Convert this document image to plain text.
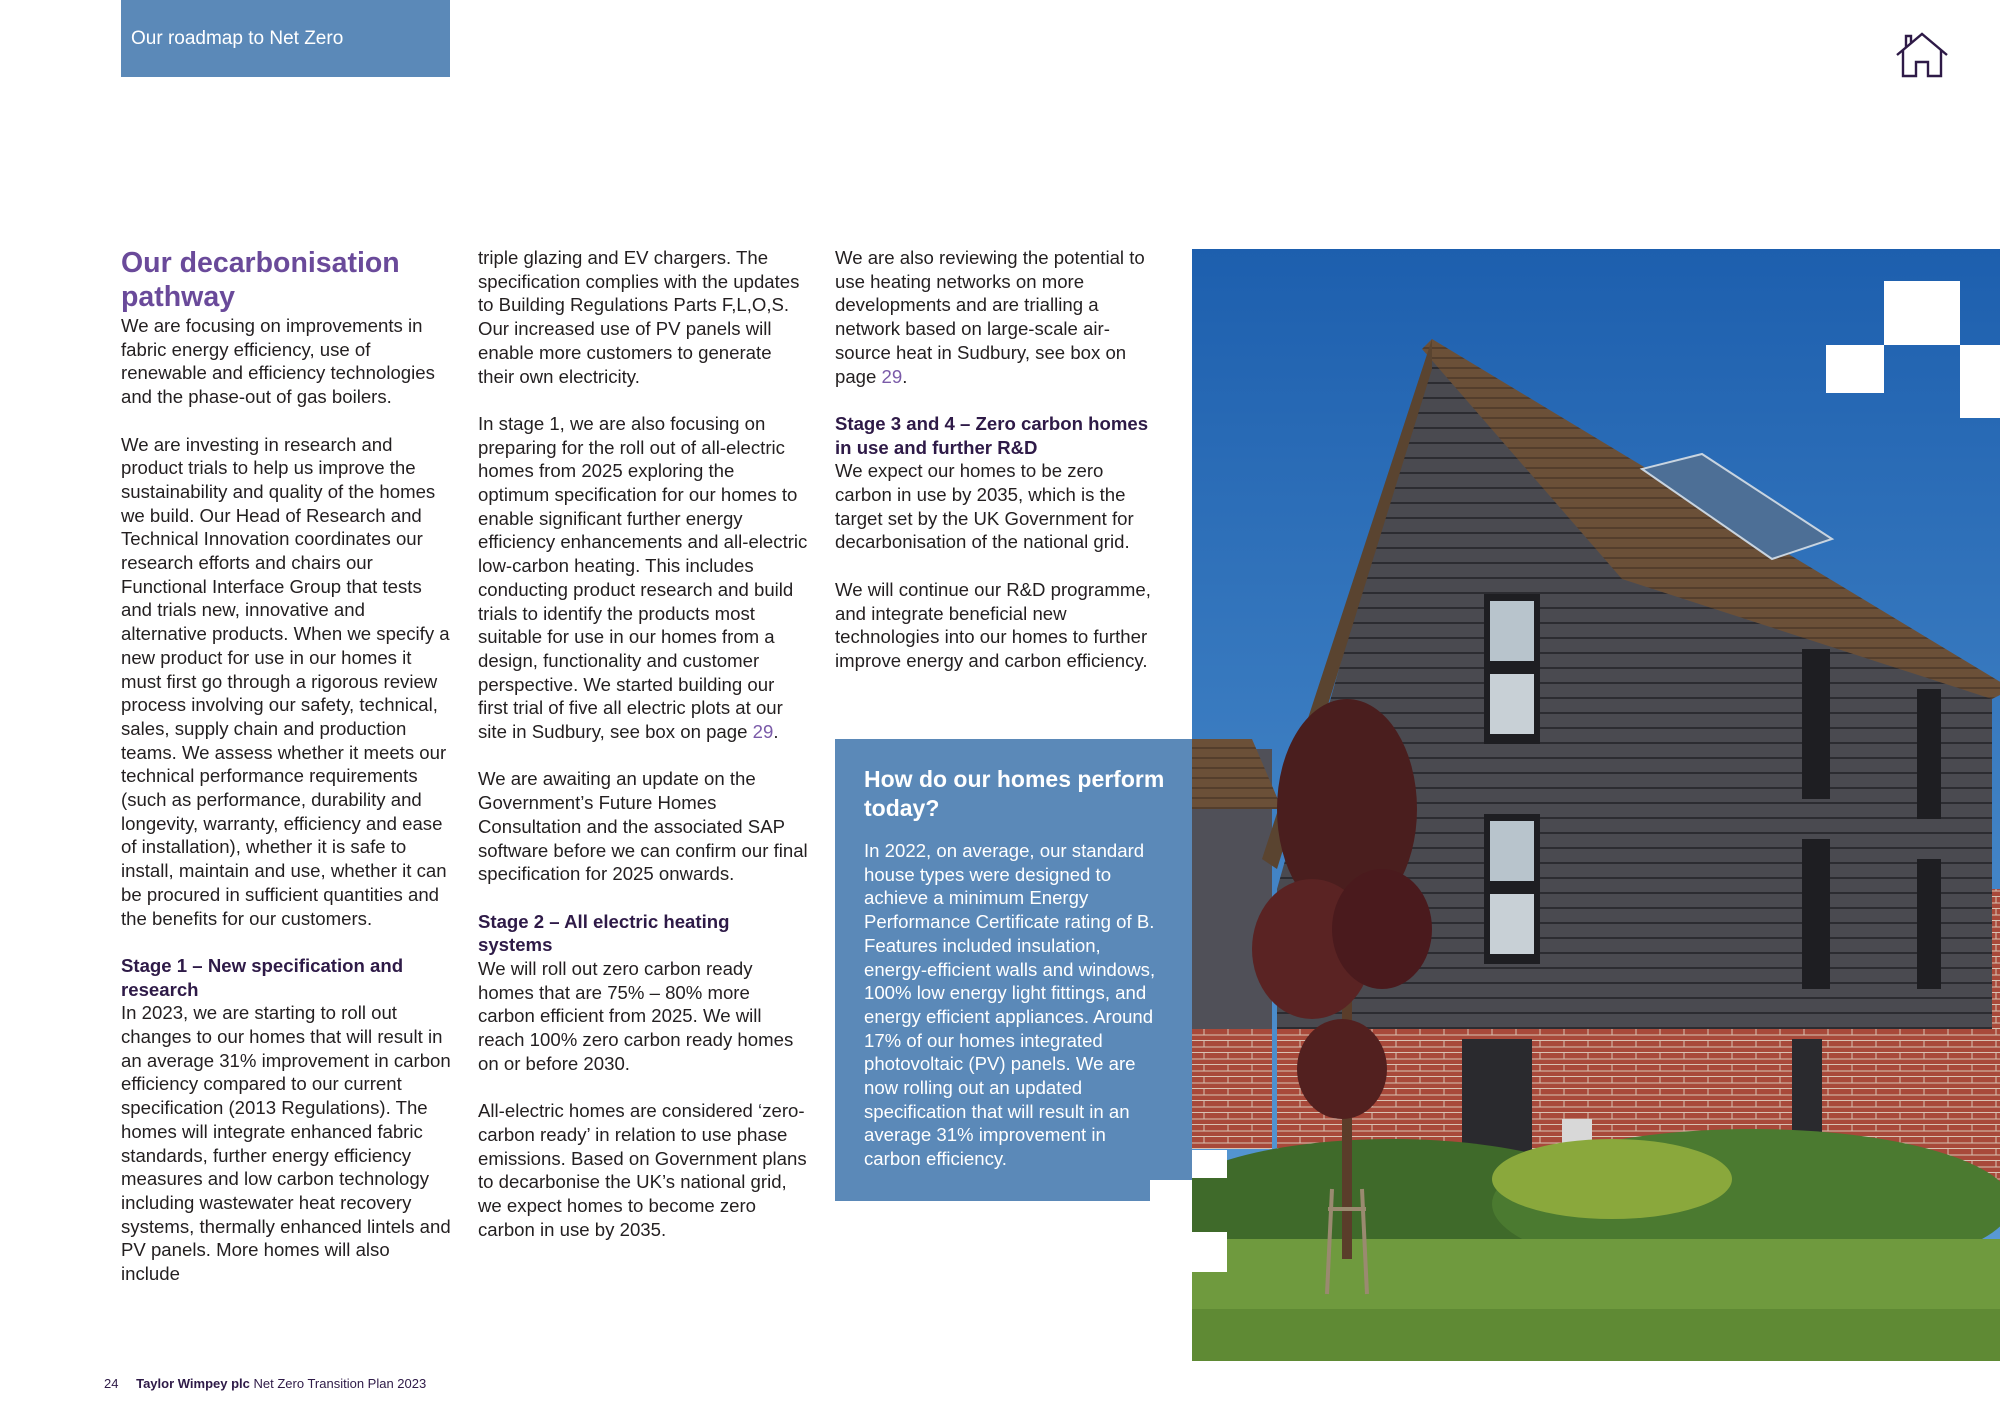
Our roadmap to Net Zero
Our decarbonisation
pathway

We are focusing on improvements in fabric energy efficiency, use of renewable and efficiency technologies and the phase-out of gas boilers.

We are investing in research and product trials to help us improve the sustainability and quality of the homes we build. Our Head of Research and Technical Innovation coordinates our research efforts and chairs our Functional Interface Group that tests and trials new, innovative and alternative products. When we specify a new product for use in our homes it must first go through a rigorous review process involving our safety, technical, sales, supply chain and production teams. We assess whether it meets our technical performance requirements (such as performance, durability and longevity, warranty, efficiency and ease of installation), whether it is safe to install, maintain and use, whether it can be procured in sufficient quantities and the benefits for our customers.

Stage 1 – New specification and research

In 2023, we are starting to roll out changes to our homes that will result in an average 31% improvement in carbon efficiency compared to our current specification (2013 Regulations). The homes will integrate enhanced fabric standards, further energy efficiency measures and low carbon technology including wastewater heat recovery systems, thermally enhanced lintels and PV panels. More homes will also include

triple glazing and EV chargers. The specification complies with the updates to Building Regulations Parts F,L,O,S. Our increased use of PV panels will enable more customers to generate their own electricity.

In stage 1, we are also focusing on preparing for the roll out of all-electric homes from 2025 exploring the optimum specification for our homes to enable significant further energy efficiency enhancements and all-electric low-carbon heating. This includes conducting product research and build trials to identify the products most suitable for use in our homes from a design, functionality and customer perspective. We started building our first trial of five all electric plots at our site in Sudbury, see box on page 29.

We are awaiting an update on the Government’s Future Homes Consultation and the associated SAP software before we can confirm our final specification for 2025 onwards.

Stage 2 – All electric heating systems

We will roll out zero carbon ready homes that are 75% – 80% more carbon efficient from 2025. We will reach 100% zero carbon ready homes on or before 2030.

All-electric homes are considered ‘zero-carbon ready’ in relation to use phase emissions. Based on Government plans to decarbonise the UK’s national grid, we expect homes to become zero carbon in use by 2035.

We are also reviewing the potential to use heating networks on more developments and are trialling a network based on large-scale air-source heat in Sudbury, see box on page 29.

Stage 3 and 4 – Zero carbon homes in use and further R&D

We expect our homes to be zero carbon in use by 2035, which is the target set by the UK Government for decarbonisation of the national grid.

We will continue our R&D programme, and integrate beneficial new technologies into our homes to further improve energy and carbon efficiency.

How do our homes perform today?

In 2022, on average, our standard house types were designed to achieve a minimum Energy Performance Certificate rating of B. Features included insulation, energy-efficient walls and windows, 100% low energy light fittings, and energy efficient appliances. Around 17% of our homes integrated photovoltaic (PV) panels. We are now rolling out an updated specification that will result in an average 31% improvement in carbon efficiency.

24 Taylor Wimpey plc Net Zero Transition Plan 2023
